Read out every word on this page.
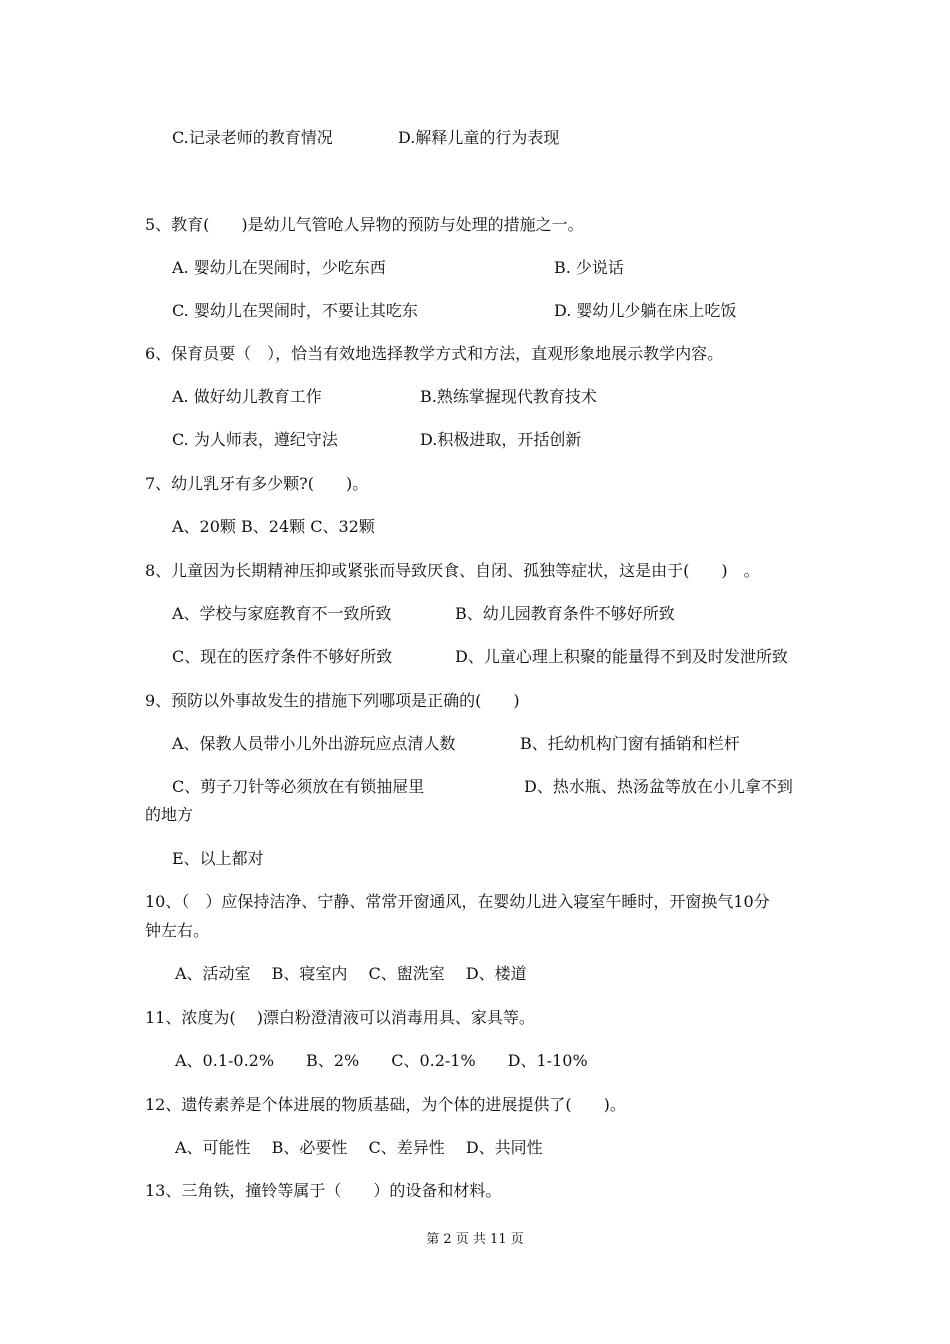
C.记录老师的教育情况	D.解释儿童的行为表现
5、教育(　　)是幼儿气管呛人异物的预防与处理的措施之一。
A. 婴幼儿在哭闹时，少吃东西	B. 少说话
C. 婴幼儿在哭闹时，不要让其吃东	D. 婴幼儿少躺在床上吃饭
6、保育员要（　），恰当有效地选择教学方式和方法，直观形象地展示教学内容。
A. 做好幼儿教育工作	B.熟练掌握现代教育技术
C. 为人师表，遵纪守法	D.积极进取，开括创新
7、幼儿乳牙有多少颗?(　　)。
A、20颗 B、24颗 C、32颗
8、儿童因为长期精神压抑或紧张而导致厌食、自闭、孤独等症状，这是由于(　　)　。
A、学校与家庭教育不一致所致	B、幼儿园教育条件不够好所致
C、现在的医疗条件不够好所致	D、儿童心理上积聚的能量得不到及时发泄所致
9、预防以外事故发生的措施下列哪项是正确的(　　)
A、保教人员带小儿外出游玩应点清人数	B、托幼机构门窗有插销和栏杆
C、剪子刀针等必须放在有锁抽屉里	D、热水瓶、热汤盆等放在小儿拿不到
的地方
E、以上都对
10、（　）应保持洁净、宁静、常常开窗通风，在婴幼儿进入寝室午睡时，开窗换气10分
钟左右。
A、活动室　 B、寝室内　 C、盥洗室　 D、楼道
11、浓度为(　 )漂白粉澄清液可以消毒用具、家具等。
A、0.1-0.2%　　B、2%　　C、0.2-1%　　D、1-10%
12、遗传素养是个体进展的物质基础，为个体的进展提供了(　　)。
A、可能性　 B、必要性　 C、差异性　 D、共同性
13、三角铁，撞铃等属于（　　）的设备和材料。
第 2 页 共 11 页
